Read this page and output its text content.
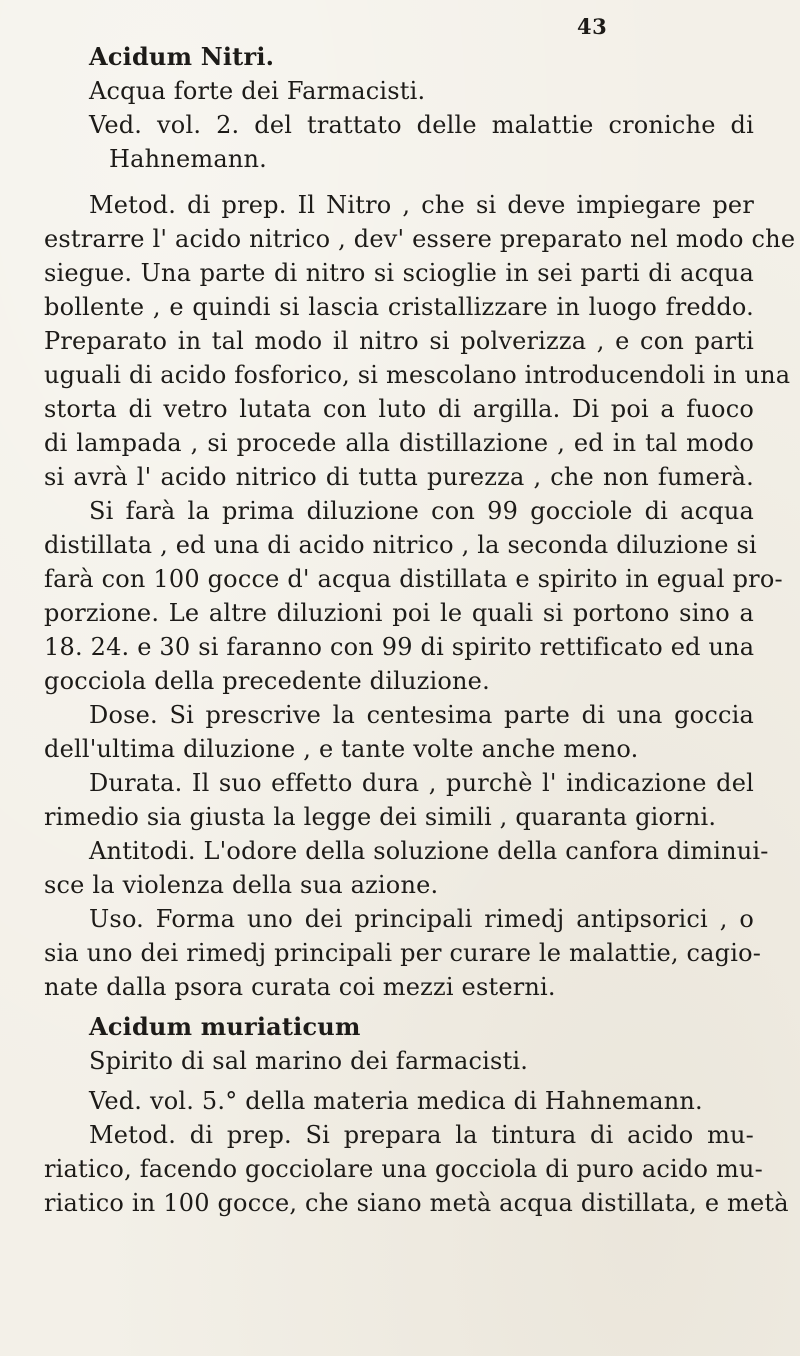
43
Acidum Nitri.
Acqua forte dei Farmacisti.
Ved. vol. 2. del trattato delle malattie croniche di
Hahnemann.
Metod. di prep. Il Nitro , che si deve impiegare per
estrarre l' acido nitrico , dev' essere preparato nel modo che
siegue. Una parte di nitro si scioglie in sei parti di acqua
bollente , e quindi si lascia cristallizzare in luogo freddo.
Preparato in tal modo il nitro si polverizza , e con parti
uguali di acido fosforico, si mescolano introducendoli in una
storta di vetro lutata con luto di argilla. Di poi a fuoco
di lampada , si procede alla distillazione , ed in tal modo
si avrà l' acido nitrico di tutta purezza , che non fumerà.
Si farà la prima diluzione con 99 gocciole di acqua
distillata , ed una di acido nitrico , la seconda diluzione si
farà con 100 gocce d' acqua distillata e spirito in egual pro-
porzione. Le altre diluzioni poi le quali si portono sino a
18. 24. e 30 si faranno con 99 di spirito rettificato ed una
gocciola della precedente diluzione.
Dose. Si prescrive la centesima parte di una goccia
dell'ultima diluzione , e tante volte anche meno.
Durata. Il suo effetto dura , purchè l' indicazione del
rimedio sia giusta la legge dei simili , quaranta giorni.
Antitodi. L'odore della soluzione della canfora diminui-
sce la violenza della sua azione.
Uso. Forma uno dei principali rimedj antipsorici , o
sia uno dei rimedj principali per curare le malattie, cagio-
nate dalla psora curata coi mezzi esterni.
Acidum muriaticum
Spirito di sal marino dei farmacisti.
Ved. vol. 5.° della materia medica di Hahnemann.
Metod. di prep. Si prepara la tintura di acido mu-
riatico, facendo gocciolare una gocciola di puro acido mu-
riatico in 100 gocce, che siano metà acqua distillata, e metà
